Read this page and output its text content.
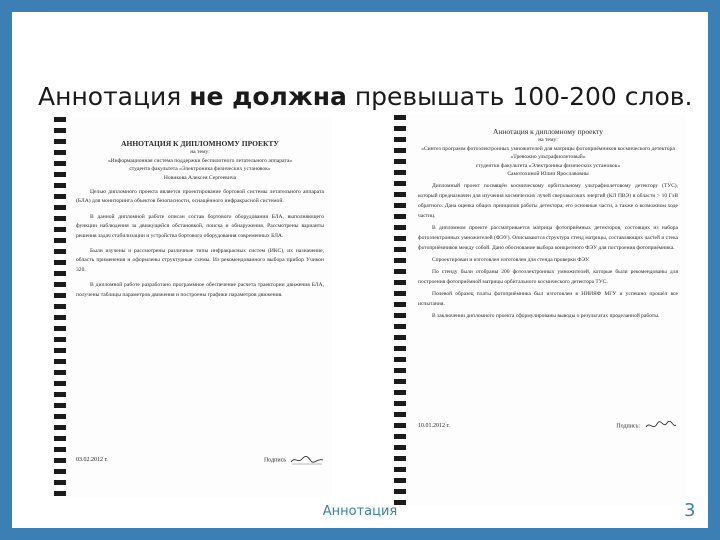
Аннотация не должна превышать 100-200 слов.
АННОТАЦИЯ К ДИПЛОМНОМУ ПРОЕКТУ
на тему:
«Информационная система поддержки беспилотного летательного аппарата»
студента факультета «Электроника физических установок»
Новикова Алексея Сергеевича

Целью дипломного проекта является проектирование бортовой системы летательного аппарата (БЛА) для мониторинга объектов безопасности, оснащённого инфракрасной системой.

В данной дипломной работе описан состав бортового оборудования БЛА, выполняющего функции наблюдения за движущейся обстановкой, поиска и обнаружения. Рассмотрены варианты решения задач стабилизации и устройства бортового оборудования современных БЛА.

Были изучены и рассмотрены различные типы инфракрасных систем (ИКС), их назначение, область применения и оформлены структурные схемы. Из рекомендованного выбора прибор Учикон 320.

В дипломной работе разработано программное обеспечение расчета траектории движения БЛА, получены таблицы параметров движения и построены графики параметров движения.

03.02.2012 г.	Подпись
Аннотация к дипломному проекту
на тему:
«Синтез программ фотоэлектронных умножителей для матрицы фотоприёмников космического детектора «Тревожно ультрафиолетовый»
студентки факультета «Электроника физических установок»
Самотохиной Юлии Ярославовны

Дипломный проект посвящён космическому орбитальному ультрафиолетовому детектору (ТУС), который предназначен для изучения космических лучей сверхвысоких энергий (КЛ ПВЭ) в области > 10 ГэВ обратного. Дана оценка общих принципов работы детектора, его основные части, а также о возможном ходе частиц.

В дипломном проекте рассматривается матрица фотоприёмных детекторов, состоящих из набора фотоэлектронных умножителей (ФЭУ). Описываются структура стенд матрицы, составляющих частей и стека фотоприёмников между собой. Дано обоснование выбора конкретного ФЭУ для построения фотоприёмника.

Спроектирован и изготовлен изготовлен для стенда проверки ФЭУ.

По стенду были отобраны 200 фотоэлектронных умножителей, которые были рекомендованы для построения фотоприёмной матрицы орбитального космического детектора ТУС.

Полевой образец платы фотоприёмника был изготовлен в НИИЯФ МГУ и успешно прошёл все испытания.

В заключении дипломного проекта сформулированы выводы о результатах проделанной работы.

10.01.2012 г.	Подпись:
Аннотация	3
